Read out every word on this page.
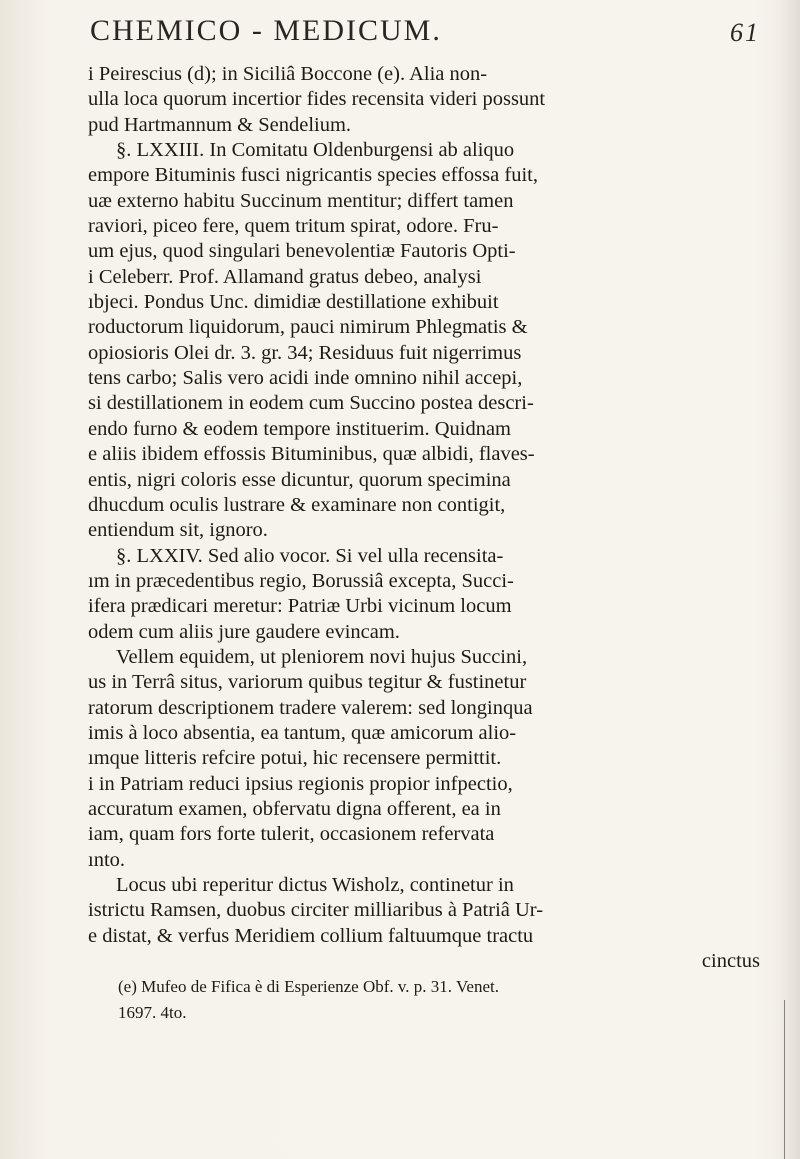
CHEMICO - MEDICUM.	61
i Peirescius (d); in Siciliâ Boccone (e). Alia non-
ulla loca quorum incertior fides recensita videri possunt
pud Hartmannum & Sendelium.
§. LXXIII. In Comitatu Oldenburgensi ab aliquo
empore Bituminis fusci nigricantis species effossa fuit,
uæ externo habitu Succinum mentitur; differt tamen
raviori, piceo fere, quem tritum spirat, odore. Fru-
um ejus, quod singulari benevolentiæ Fautoris Opti-
i Celeberr. Prof. Allamand gratus debeo, analysi
ıbjeci. Pondus Unc. dimidiæ destillatione exhibuit
roductorum liquidorum, pauci nimirum Phlegmatis &
opiosioris Olei dr. 3. gr. 34; Residuus fuit nigerrimus
tens carbo; Salis vero acidi inde omnino nihil accepi,
si destillationem in eodem cum Succino postea descri-
endo furno & eodem tempore instituerim. Quidnam
e aliis ibidem effossis Bituminibus, quæ albidi, flaves-
entis, nigri coloris esse dicuntur, quorum specimina
dhucdum oculis lustrare & examinare non contigit,
entiendum sit, ignoro.
§. LXXIV. Sed alio vocor. Si vel ulla recensita-
ım in præcedentibus regio, Borussiâ excepta, Succi-
ifera prædicari meretur: Patriæ Urbi vicinum locum
odem cum aliis jure gaudere evincam.
Vellem equidem, ut pleniorem novi hujus Succini,
us in Terrâ situs, variorum quibus tegitur & fustinetur
ratorum descriptionem tradere valerem: sed longinqua
imis à loco absentia, ea tantum, quæ amicorum alio-
ımque litteris refcire potui, hic recensere permittit.
i in Patriam reduci ipsius regionis propior infpectio,
accuratum examen, obfervatu digna offerent, ea in
iam, quam fors forte tulerit, occasionem refervata
ınto.
Locus ubi reperitur dictus Wisholz, continetur in
istrictu Ramsen, duobus circiter milliaribus à Patriâ Ur-
e distat, & verfus Meridiem collium faltuumque tractu
cinctus
(e) Mufeo de Fifica è di Esperienze Obf. v. p. 31. Venet.
1697. 4to.
